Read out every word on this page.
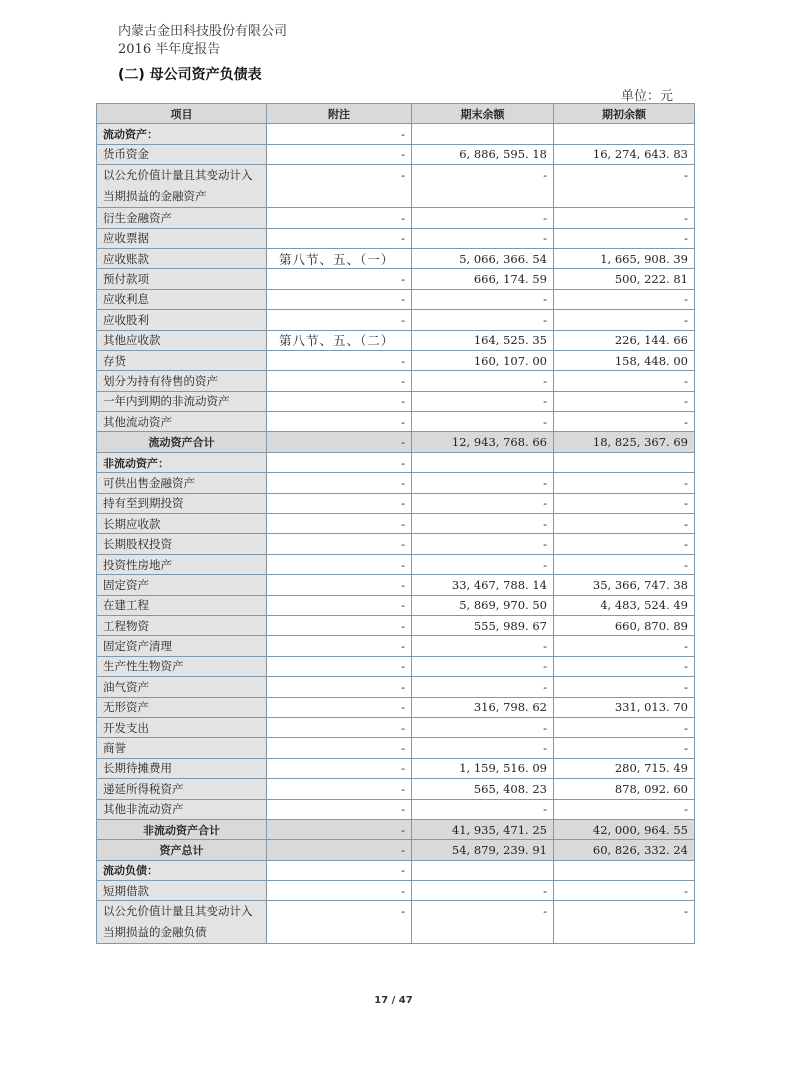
内蒙古金田科技股份有限公司
2016 半年度报告
(二) 母公司资产负债表
单位：元
项目	附注	期末余额	期初余额
流动资产：	-		
货币资金	-	6, 886, 595. 18	16, 274, 643. 83
以公允价值计量且其变动计入当期损益的金融资产	-	-	-
衍生金融资产	-	-	-
应收票据	-	-	-
应收账款	第八节、五、（一）	5, 066, 366. 54	1, 665, 908. 39
预付款项	-	666, 174. 59	500, 222. 81
应收利息	-	-	-
应收股利	-	-	-
其他应收款	第八节、五、（二）	164, 525. 35	226, 144. 66
存货	-	160, 107. 00	158, 448. 00
划分为持有待售的资产	-	-	-
一年内到期的非流动资产	-	-	-
其他流动资产	-	-	-
流动资产合计	-	12, 943, 768. 66	18, 825, 367. 69
非流动资产：	-		
可供出售金融资产	-	-	-
持有至到期投资	-	-	-
长期应收款	-	-	-
长期股权投资	-	-	-
投资性房地产	-	-	-
固定资产	-	33, 467, 788. 14	35, 366, 747. 38
在建工程	-	5, 869, 970. 50	4, 483, 524. 49
工程物资	-	555, 989. 67	660, 870. 89
固定资产清理	-	-	-
生产性生物资产	-	-	-
油气资产	-	-	-
无形资产	-	316, 798. 62	331, 013. 70
开发支出	-	-	-
商誉	-	-	-
长期待摊费用	-	1, 159, 516. 09	280, 715. 49
递延所得税资产	-	565, 408. 23	878, 092. 60
其他非流动资产	-	-	-
非流动资产合计	-	41, 935, 471. 25	42, 000, 964. 55
资产总计	-	54, 879, 239. 91	60, 826, 332. 24
流动负债：	-		
短期借款	-	-	-
以公允价值计量且其变动计入当期损益的金融负债	-	-	-
17 / 47
